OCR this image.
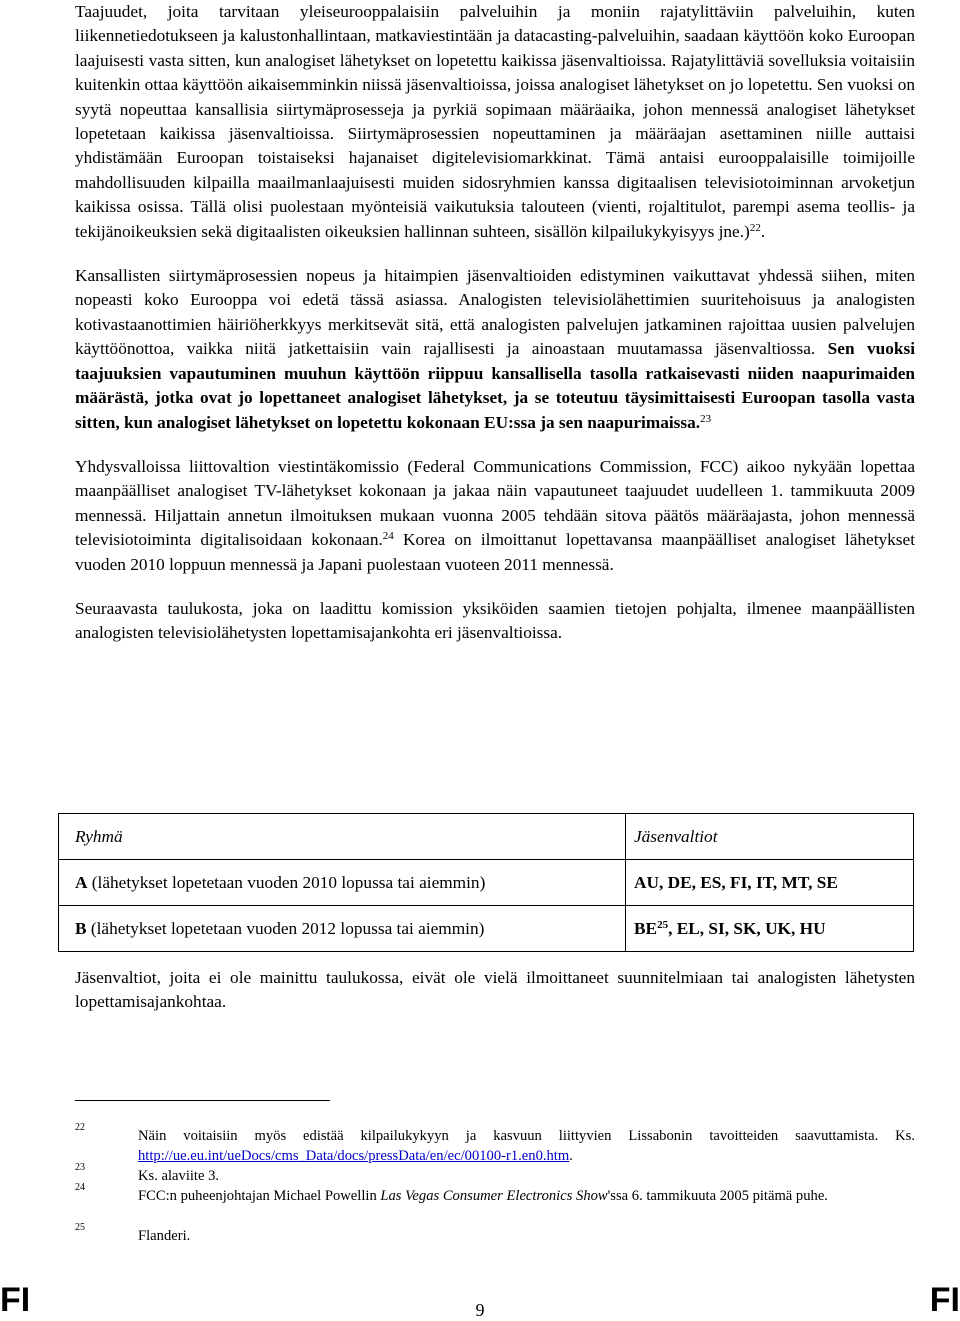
Taajuudet, joita tarvitaan yleiseurooppalaisiin palveluihin ja moniin rajatylittäviin palveluihin, kuten liikennetiedotukseen ja kalustonhallintaan, matkaviestintään ja datacasting-palveluihin, saadaan käyttöön koko Euroopan laajuisesti vasta sitten, kun analogiset lähetykset on lopetettu kaikissa jäsenvaltioissa. Rajatylittäviä sovelluksia voitaisiin kuitenkin ottaa käyttöön aikaisemminkin niissä jäsenvaltioissa, joissa analogiset lähetykset on jo lopetettu. Sen vuoksi on syytä nopeuttaa kansallisia siirtymäprosesseja ja pyrkiä sopimaan määräaika, johon mennessä analogiset lähetykset lopetetaan kaikissa jäsenvaltioissa. Siirtymäprosessien nopeuttaminen ja määräajan asettaminen niille auttaisi yhdistämään Euroopan toistaiseksi hajanaiset digitelevisiomarkkinat. Tämä antaisi eurooppalaisille toimijoille mahdollisuuden kilpailla maailmanlaajuisesti muiden sidosryhmien kanssa digitaalisen televisiotoiminnan arvoketjun kaikissa osissa. Tällä olisi puolestaan myönteisiä vaikutuksia talouteen (vienti, rojaltitulot, parempi asema teollis- ja tekijänoikeuksien sekä digitaalisten oikeuksien hallinnan suhteen, sisällön kilpailukykyisyys jne.)$^{22}$.

Kansallisten siirtymäprosessien nopeus ja hitaimpien jäsenvaltioiden edistyminen vaikuttavat yhdessä siihen, miten nopeasti koko Eurooppa voi edetä tässä asiassa. Analogisten televisiolähettimien suuritehoisuus ja analogisten kotivastaanottimien häiriöherkkyys merkitsevät sitä, että analogisten palvelujen jatkaminen rajoittaa uusien palvelujen käyttöönottoa, vaikka niitä jatkettaisiin vain rajallisesti ja ainoastaan muutamassa jäsenvaltiossa. Sen vuoksi taajuuksien vapautuminen muuhun käyttöön riippuu kansallisella tasolla ratkaisevasti niiden naapurimaiden määrästä, jotka ovat jo lopettaneet analogiset lähetykset, ja se toteutuu täysimittaisesti Euroopan tasolla vasta sitten, kun analogiset lähetykset on lopetettu kokonaan EU:ssa ja sen naapurimaissa.$^{23}$

Yhdysvalloissa liittovaltion viestintäkomissio (Federal Communications Commission, FCC) aikoo nykyään lopettaa maanpäälliset analogiset TV-lähetykset kokonaan ja jakaa näin vapautuneet taajuudet uudelleen 1. tammikuuta 2009 mennessä. Hiljattain annetun ilmoituksen mukaan vuonna 2005 tehdään sitova päätös määräajasta, johon mennessä televisiotoiminta digitalisoidaan kokonaan.$^{24}$ Korea on ilmoittanut lopettavansa maanpäälliset analogiset lähetykset vuoden 2010 loppuun mennessä ja Japani puolestaan vuoteen 2011 mennessä.

Seuraavasta taulukosta, joka on laadittu komission yksiköiden saamien tietojen pohjalta, ilmenee maanpäällisten analogisten televisiolähetysten lopettamisajankohta eri jäsenvaltioissa.

Ryhmä	Jäsenvaltiot
A (lähetykset lopetetaan vuoden 2010 lopussa tai aiemmin)	AU, DE, ES, FI, IT, MT, SE
B (lähetykset lopetetaan vuoden 2012 lopussa tai aiemmin)	BE$^{25}$, EL, SI, SK, UK, HU

Jäsenvaltiot, joita ei ole mainittu taulukossa, eivät ole vielä ilmoittaneet suunnitelmiaan tai analogisten lähetysten lopettamisajankohtaa.

22
Näin voitaisiin myös edistää kilpailukykyyn ja kasvuun liittyvien Lissabonin tavoitteiden saavuttamista. Ks. http://ue.eu.int/ueDocs/cms_Data/docs/pressData/en/ec/00100-r1.en0.htm.
23
Ks. alaviite 3.
24
FCC:n puheenjohtajan Michael Powellin Las Vegas Consumer Electronics Show'ssa 6. tammikuuta 2005 pitämä puhe.
25
Flanderi.
FI	9	FI
